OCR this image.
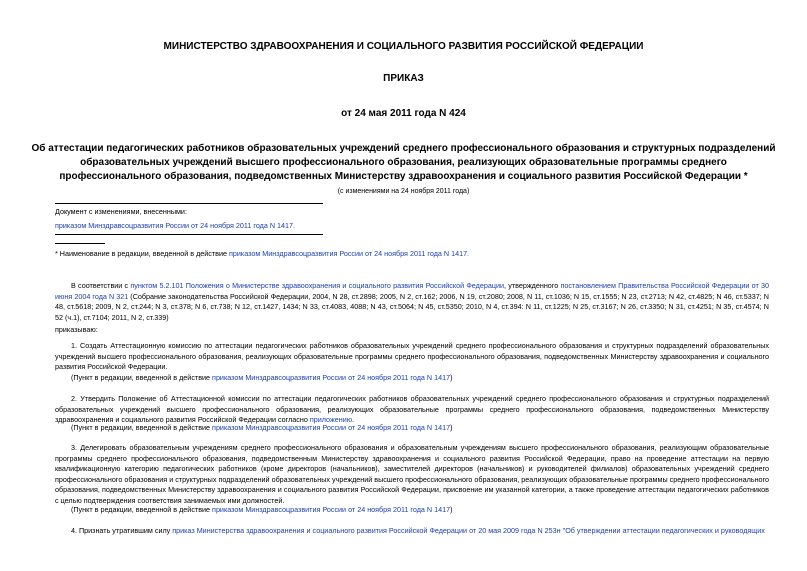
МИНИСТЕРСТВО ЗДРАВООХРАНЕНИЯ И СОЦИАЛЬНОГО РАЗВИТИЯ РОССИЙСКОЙ ФЕДЕРАЦИИ
ПРИКАЗ
от 24 мая 2011 года N 424
Об аттестации педагогических работников образовательных учреждений среднего профессионального образования и структурных подразделений образовательных учреждений высшего профессионального образования, реализующих образовательные программы среднего профессионального образования, подведомственных Министерству здравоохранения и социального развития Российской Федерации *
(с изменениями на 24 ноября 2011 года)
Документ с изменениями, внесенными:
приказом Минздравсоцразвития России от 24 ноября 2011 года N 1417.
* Наименование в редакции, введенной в действие приказом Минздравсоцразвития России от 24 ноября 2011 года N 1417.
В соответствии с пунктом 5.2.101 Положения о Министерстве здравоохранения и социального развития Российской Федерации, утвержденного постановлением Правительства Российской Федерации от 30 июня 2004 года N 321 (Собрание законодательства Российской Федерации, 2004, N 28, ст.2898; 2005, N 2, ст.162; 2006, N 19, ст.2080; 2008, N 11, ст.1036; N 15, ст.1555; N 23, ст.2713; N 42, ст.4825; N 46, ст.5337; N 48, ст.5618; 2009, N 2, ст.244; N 3, ст.378; N 6, ст.738; N 12, ст.1427, 1434; N 33, ст.4083, 4088; N 43, ст.5064; N 45, ст.5350; 2010, N 4, ст.394: N 11, ст.1225; N 25, ст.3167; N 26, ст.3350; N 31, ст.4251; N 35, ст.4574; N 52 (ч.1), ст.7104; 2011, N 2, ст.339)
приказываю:
1. Создать Аттестационную комиссию по аттестации педагогических работников образовательных учреждений среднего профессионального образования и структурных подразделений образовательных учреждений высшего профессионального образования, реализующих образовательные программы среднего профессионального образования, подведомственных Министерству здравоохранения и социального развития Российской Федерации.
(Пункт в редакции, введенной в действие приказом Минздравсоцразвития России от 24 ноября 2011 года N 1417)
2. Утвердить Положение об Аттестационной комиссии по аттестации педагогических работников образовательных учреждений среднего профессионального образования и структурных подразделений образовательных учреждений высшего профессионального образования, реализующих образовательные программы среднего профессионального образования, подведомственных Министерству здравоохранения и социального развития Российской Федерации согласно приложению.
(Пункт в редакции, введенной в действие приказом Минздравсоцразвития России от 24 ноября 2011 года N 1417)
3. Делегировать образовательным учреждениям среднего профессионального образования и образовательным учреждениям высшего профессионального образования, реализующим образовательные программы среднего профессионального образования, подведомственным Министерству здравоохранения и социального развития Российской Федерации, право на проведение аттестации на первую квалификационную категорию педагогических работников (кроме директоров (начальников), заместителей директоров (начальников) и руководителей филиалов) образовательных учреждений среднего профессионального образования и структурных подразделений образовательных учреждений высшего профессионального образования, реализующих образовательные программы среднего профессионального образования, подведомственных Министерству здравоохранения и социального развития Российской Федерации, присвоение им указанной категории, а также проведение аттестации педагогических работников с целью подтверждения соответствия занимаемых ими должностей.
(Пункт в редакции, введенной в действие приказом Минздравсоцразвития России от 24 ноября 2011 года N 1417)
4. Признать утратившим силу приказ Министерства здравоохранения и социального развития Российской Федерации от 20 мая 2009 года N 253н "Об утверждении аттестации педагогических и руководящих
